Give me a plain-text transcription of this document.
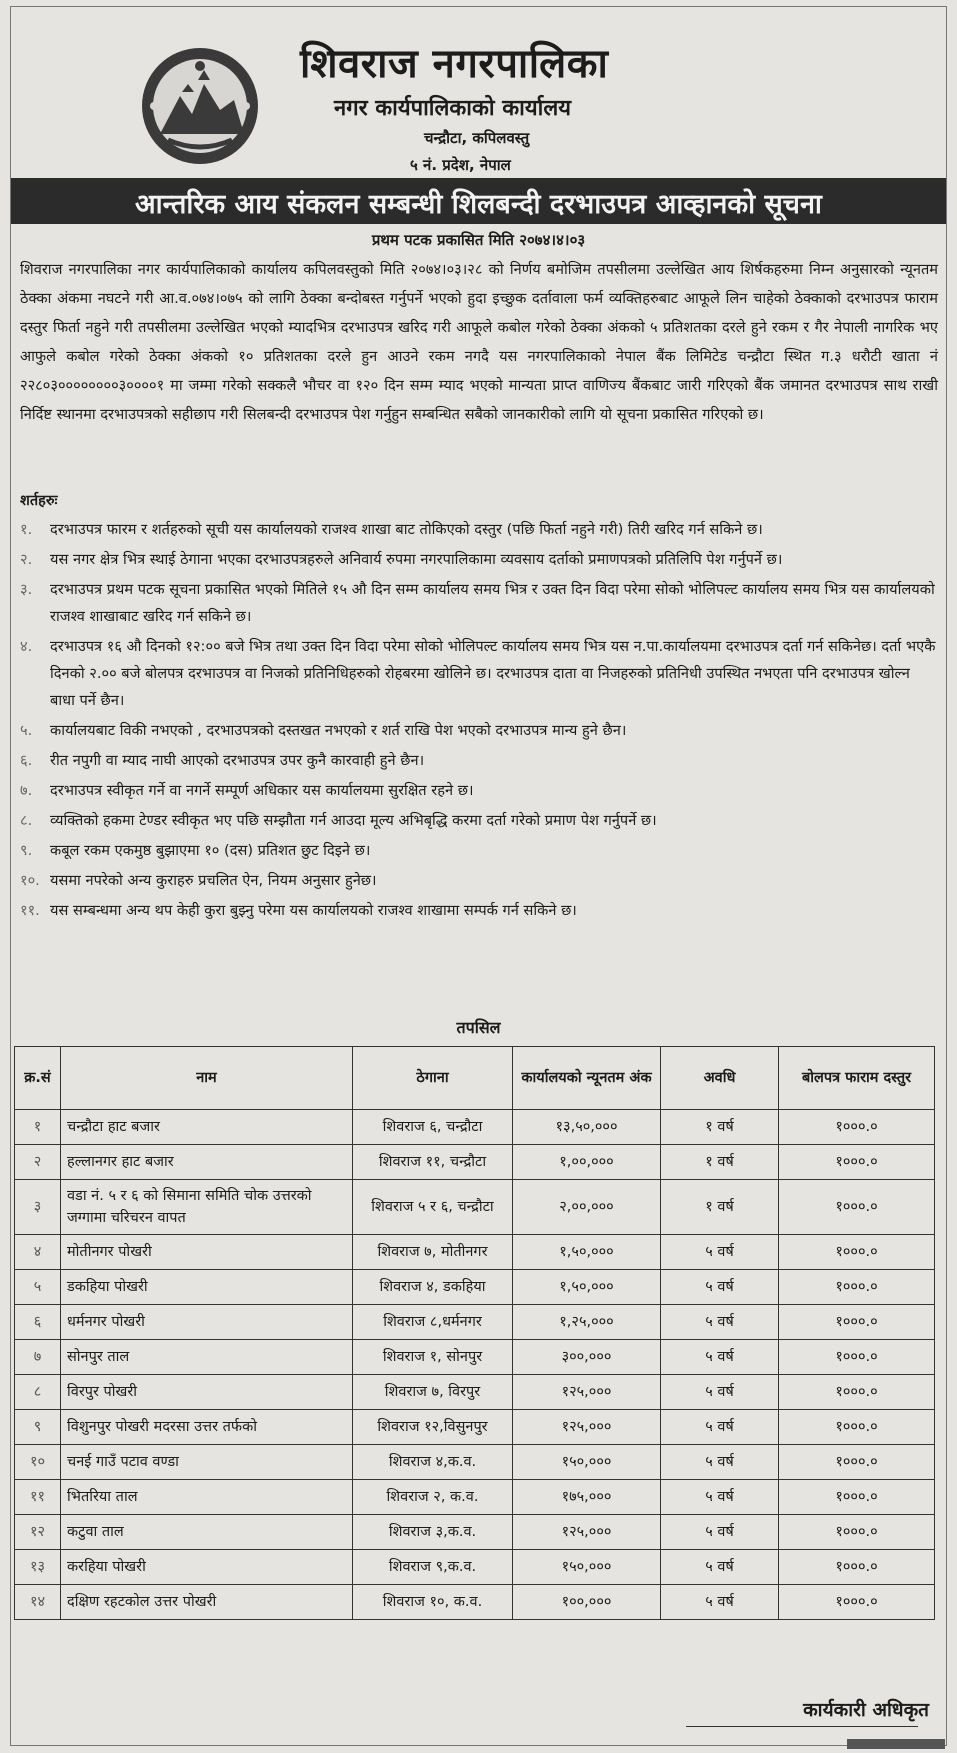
शिवराज नगरपालिका
नगर कार्यपालिकाको कार्यालय
चन्द्रौटा, कपिलवस्तु
५ नं. प्रदेश, नेपाल
आन्तरिक आय संकलन सम्बन्धी शिलबन्दी दरभाउपत्र आव्हानको सूचना
प्रथम पटक प्रकासित मिति २०७४।४।०३
शिवराज नगरपालिका नगर कार्यपालिकाको कार्यालय कपिलवस्तुको मिति २०७४।०३।२८ को निर्णय बमोजिम तपसीलमा उल्लेखित आय शिर्षकहरुमा निम्न अनुसारको न्यूनतम ठेक्का अंकमा नघटने गरी आ.व.०७४।०७५ को लागि ठेक्का बन्दोबस्त गर्नुपर्ने भएको हुदा इच्छुक दर्तावाला फर्म व्यक्तिहरुबाट आफूले लिन चाहेको ठेक्काको दरभाउपत्र फाराम दस्तुर फिर्ता नहुने गरी तपसीलमा उल्लेखित भएको म्यादभित्र दरभाउपत्र खरिद गरी आफूले कबोल गरेको ठेक्का अंकको ५ प्रतिशतका दरले हुने रकम र गैर नेपाली नागरिक भए आफुले कबोल गरेको ठेक्का अंकको १० प्रतिशतका दरले हुन आउने रकम नगदै यस नगरपालिकाको नेपाल बैंक लिमिटेड चन्द्रौटा स्थित ग.३ धरौटी खाता नं २२८०३००००००००३००००१ मा जम्मा गरेको सक्कलै भौचर वा १२० दिन सम्म म्याद भएको मान्यता प्राप्त वाणिज्य बैंकबाट जारी गरिएको बैंक जमानत दरभाउपत्र साथ राखी निर्दिष्ट स्थानमा दरभाउपत्रको सहीछाप गरी सिलबन्दी दरभाउपत्र पेश गर्नुहुन सम्बन्धित सबैको जानकारीको लागि यो सूचना प्रकासित गरिएको छ।
शर्तहरुः
१.	दरभाउपत्र फारम र शर्तहरुको सूची यस कार्यालयको राजश्व शाखा बाट तोकिएको दस्तुर (पछि फिर्ता नहुने गरी) तिरी खरिद गर्न सकिने छ।
२.	यस नगर क्षेत्र भित्र स्थाई ठेगाना भएका दरभाउपत्रहरुले अनिवार्य रुपमा नगरपालिकामा व्यवसाय दर्ताको प्रमाणपत्रको प्रतिलिपि पेश गर्नुपर्ने छ।
३.	दरभाउपत्र प्रथम पटक सूचना प्रकासित भएको मितिले १५ औ दिन सम्म कार्यालय समय भित्र र उक्त दिन विदा परेमा सोको भोलिपल्ट कार्यालय समय भित्र यस कार्यालयको राजश्व शाखाबाट खरिद गर्न सकिने छ।
४.	दरभाउपत्र १६ औ दिनको १२:०० बजे भित्र तथा उक्त दिन विदा परेमा सोको भोलिपल्ट कार्यालय समय भित्र यस न.पा.कार्यालयमा दरभाउपत्र दर्ता गर्न सकिनेछ। दर्ता भएकै दिनको २.०० बजे बोलपत्र दरभाउपत्र वा निजको प्रतिनिधिहरुको रोहबरमा खोलिने छ। दरभाउपत्र दाता वा निजहरुको प्रतिनिधी उपस्थित नभएता पनि दरभाउपत्र खोल्न बाधा पर्ने छैन।
५.	कार्यालयबाट विकी नभएको , दरभाउपत्रको दस्तखत नभएको र शर्त राखि पेश भएको दरभाउपत्र मान्य हुने छैन।
६.	रीत नपुगी वा म्याद नाघी आएको दरभाउपत्र उपर कुनै कारवाही हुने छैन।
७.	दरभाउपत्र स्वीकृत गर्ने वा नगर्ने सम्पूर्ण अधिकार यस कार्यालयमा सुरक्षित रहने छ।
८.	व्यक्तिको हकमा टेण्डर स्वीकृत भए पछि सम्झौता गर्न आउदा मूल्य अभिबृद्धि करमा दर्ता गरेको प्रमाण पेश गर्नुपर्ने छ।
९.	कबूल रकम एकमुष्ठ बुझाएमा १० (दस) प्रतिशत छुट दिइने छ।
१०. यसमा नपरेको अन्य कुराहरु प्रचलित ऐन, नियम अनुसार हुनेछ।
११. यस सम्बन्धमा अन्य थप केही कुरा बुझ्नु परेमा यस कार्यालयको राजश्व शाखामा सम्पर्क गर्न सकिने छ।
तपसिल
क्र.सं	नाम	ठेगाना	कार्यालयको न्यूनतम अंक	अवधि	बोलपत्र फाराम दस्तुर
१	चन्द्रौटा हाट बजार	शिवराज ६, चन्द्रौटा	१३,५०,०००	१ वर्ष	१०००.०
२	हल्लानगर हाट बजार	शिवराज ११, चन्द्रौटा	१,००,०००	१ वर्ष	१०००.०
३	वडा नं. ५ र ६ को सिमाना समिति चोक उत्तरको जग्गामा चरिचरन वापत	शिवराज ५ र ६, चन्द्रौटा	२,००,०००	१ वर्ष	१०००.०
४	मोतीनगर पोखरी	शिवराज ७, मोतीनगर	१,५०,०००	५ वर्ष	१०००.०
५	डकहिया पोखरी	शिवराज ४, डकहिया	१,५०,०००	५ वर्ष	१०००.०
६	धर्मनगर पोखरी	शिवराज ८,धर्मनगर	१,२५,०००	५ वर्ष	१०००.०
७	सोनपुर ताल	शिवराज १, सोनपुर	३००,०००	५ वर्ष	१०००.०
८	विरपुर पोखरी	शिवराज ७, विरपुर	१२५,०००	५ वर्ष	१०००.०
९	विशुनपुर पोखरी मदरसा उत्तर तर्फको	शिवराज १२,विसुनपुर	१२५,०००	५ वर्ष	१०००.०
१०	चनई गाउँ पटाव वण्डा	शिवराज ४,क.व.	१५०,०००	५ वर्ष	१०००.०
११	भितरिया ताल	शिवराज २, क.व.	१७५,०००	५ वर्ष	१०००.०
१२	कटुवा ताल	शिवराज ३,क.व.	१२५,०००	५ वर्ष	१०००.०
१३	करहिया पोखरी	शिवराज ९,क.व.	१५०,०००	५ वर्ष	१०००.०
१४	दक्षिण रहटकोल उत्तर पोखरी	शिवराज १०, क.व.	१००,०००	५ वर्ष	१०००.०
कार्यकारी अधिकृत
